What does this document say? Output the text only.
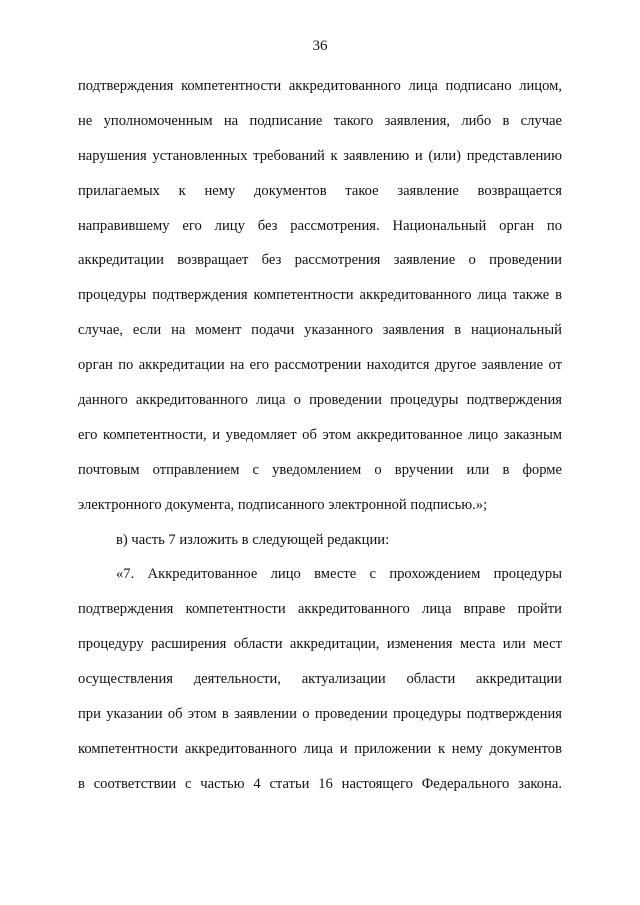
36
подтверждения компетентности аккредитованного лица подписано лицом,
не уполномоченным на подписание такого заявления, либо в случае
нарушения установленных требований к заявлению и (или) представлению
прилагаемых к нему документов такое заявление возвращается
направившему его лицу без рассмотрения. Национальный орган по
аккредитации возвращает без рассмотрения заявление о проведении
процедуры подтверждения компетентности аккредитованного лица также в
случае, если на момент подачи указанного заявления в национальный
орган по аккредитации на его рассмотрении находится другое заявление от
данного аккредитованного лица о проведении процедуры подтверждения
его компетентности, и уведомляет об этом аккредитованное лицо заказным
почтовым отправлением с уведомлением о вручении или в форме
электронного документа, подписанного электронной подписью.»;
в) часть 7 изложить в следующей редакции:
«7. Аккредитованное лицо вместе с прохождением процедуры
подтверждения компетентности аккредитованного лица вправе пройти
процедуру расширения области аккредитации, изменения места или мест
осуществления деятельности, актуализации области аккредитации
при указании об этом в заявлении о проведении процедуры подтверждения
компетентности аккредитованного лица и приложении к нему документов
в соответствии с частью 4 статьи 16 настоящего Федерального закона.
